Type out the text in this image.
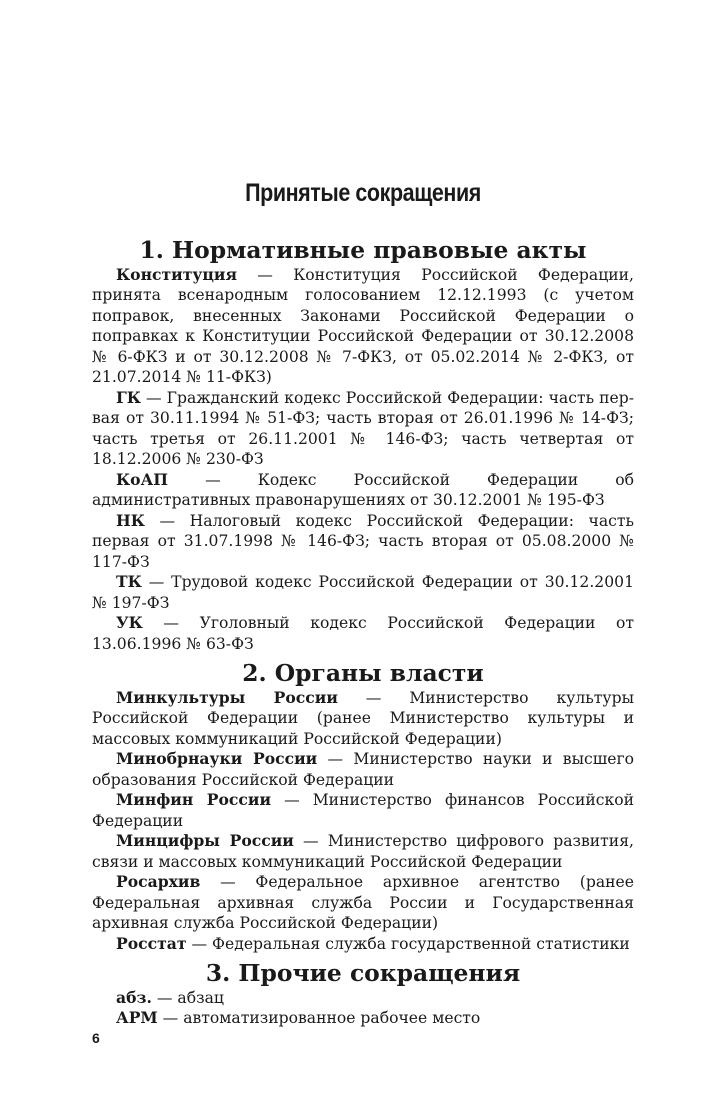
Принятые сокращения
1. Нормативные правовые акты

Конституция — Конституция Российской Федерации, принята всенародным голосованием 12.12.1993 (с учетом поправок, внесенных Законами Российской Федерации о поправках к Конституции Российской Федерации от 30.12.2008 № 6-ФКЗ и от 30.12.2008 № 7-ФКЗ, от 05.02.2014 № 2-ФКЗ, от 21.07.2014 № 11-ФКЗ)

ГК — Гражданский кодекс Российской Федерации: часть первая от 30.11.1994 № 51-ФЗ; часть вторая от 26.01.1996 № 14-ФЗ; часть третья от 26.11.2001 № 146-ФЗ; часть четвертая от 18.12.2006 № 230-ФЗ

КоАП — Кодекс Российской Федерации об административных правонарушениях от 30.12.2001 № 195-ФЗ

НК — Налоговый кодекс Российской Федерации: часть первая от 31.07.1998 № 146-ФЗ; часть вторая от 05.08.2000 № 117-ФЗ

ТК — Трудовой кодекс Российской Федерации от 30.12.2001 № 197-ФЗ

УК — Уголовный кодекс Российской Федерации от 13.06.1996 № 63-ФЗ

2. Органы власти

Минкультуры России — Министерство культуры Российской Федерации (ранее Министерство культуры и массовых коммуникаций Российской Федерации)

Минобрнауки России — Министерство науки и высшего образования Российской Федерации

Минфин России — Министерство финансов Российской Федерации

Минцифры России — Министерство цифрового развития, связи и массовых коммуникаций Российской Федерации

Росархив — Федеральное архивное агентство (ранее Федеральная архивная служба России и Государственная архивная служба Российской Федерации)

Росстат — Федеральная служба государственной статистики

3. Прочие сокращения

абз. — абзац

АРМ — автоматизированное рабочее место

6
